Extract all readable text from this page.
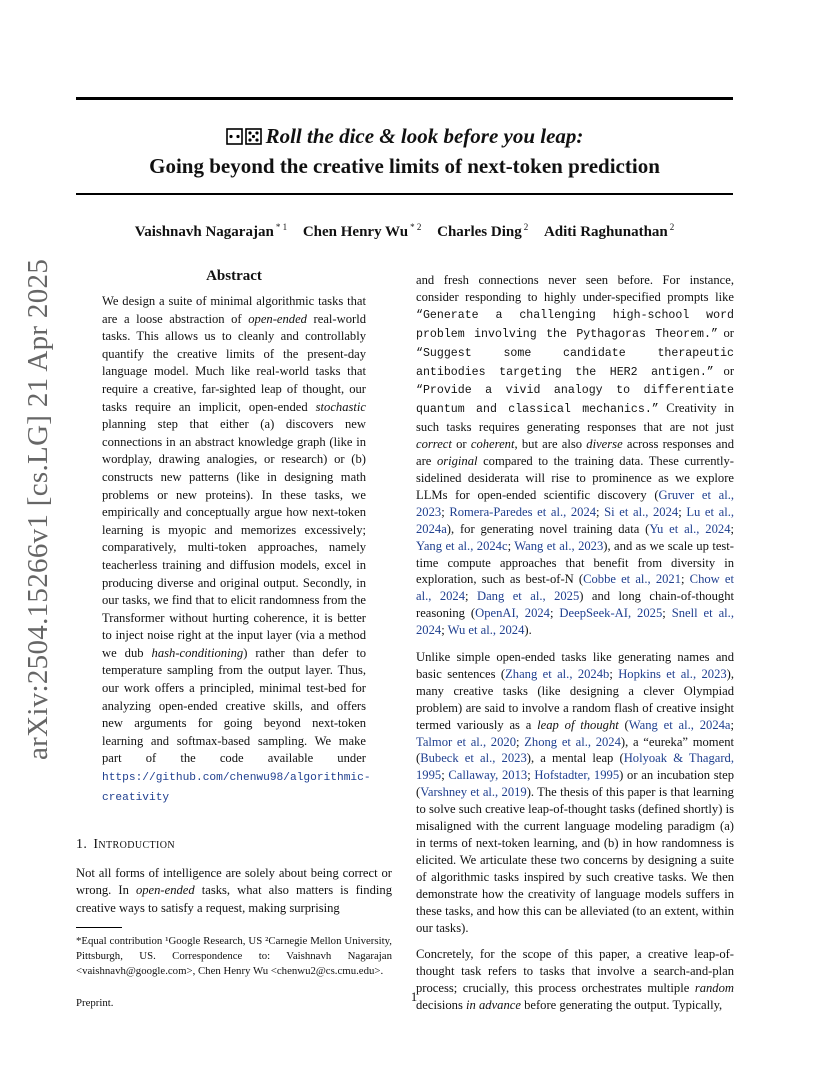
Roll the dice & look before you leap:
Going beyond the creative limits of next-token prediction
Vaishnavh Nagarajan $^{* 1}$ Chen Henry Wu $^{* 2}$ Charles Ding $^2$ Aditi Raghunathan $^2$
arXiv:2504.15266v1 [cs.LG] 21 Apr 2025	Abstract

We design a suite of minimal algorithmic tasks that are a loose abstraction of open-ended real-world tasks. This allows us to cleanly and controllably quantify the creative limits of the present-day language model. Much like real-world tasks that require a creative, far-sighted leap of thought, our tasks require an implicit, open-ended stochastic planning step that either (a) discovers new connections in an abstract knowledge graph (like in wordplay, drawing analogies, or research) or (b) constructs new patterns (like in designing math problems or new proteins). In these tasks, we empirically and conceptually argue how next-token learning is myopic and memorizes excessively; comparatively, multi-token approaches, namely teacherless training and diffusion models, excel in producing diverse and original output. Secondly, in our tasks, we find that to elicit randomness from the Transformer without hurting coherence, it is better to inject noise right at the input layer (via a method we dub hash-conditioning) rather than defer to temperature sampling from the output layer. Thus, our work offers a principled, minimal test-bed for analyzing open-ended creative skills, and offers new arguments for going beyond next-token learning and softmax-based sampling. We make part of the code available under https://github.com/chenwu98/algorithmic-creativity

1. Introduction

Not all forms of intelligence are solely about being correct or wrong. In open-ended tasks, what also matters is finding creative ways to satisfy a request, making surprising

*Equal contribution ¹Google Research, US ²Carnegie Mellon University, Pittsburgh, US. Correspondence to: Vaishnavh Nagarajan <vaishnavh@google.com>, Chen Henry Wu <chenwu2@cs.cmu.edu>.
Preprint.

and fresh connections never seen before. For instance, consider responding to highly under-specified prompts like “Generate a challenging high-school word problem involving the Pythagoras Theorem.” or “Suggest some candidate therapeutic antibodies targeting the HER2 antigen.” or “Provide a vivid analogy to differentiate quantum and classical mechanics.” Creativity in such tasks requires generating responses that are not just correct or coherent, but are also diverse across responses and are original compared to the training data. These currently-sidelined desiderata will rise to prominence as we explore LLMs for open-ended scientific discovery (Gruver et al., 2023; Romera-Paredes et al., 2024; Si et al., 2024; Lu et al., 2024a), for generating novel training data (Yu et al., 2024; Yang et al., 2024c; Wang et al., 2023), and as we scale up test-time compute approaches that benefit from diversity in exploration, such as best-of-N (Cobbe et al., 2021; Chow et al., 2024; Dang et al., 2025) and long chain-of-thought reasoning (OpenAI, 2024; DeepSeek-AI, 2025; Snell et al., 2024; Wu et al., 2024).

Unlike simple open-ended tasks like generating names and basic sentences (Zhang et al., 2024b; Hopkins et al., 2023), many creative tasks (like designing a clever Olympiad problem) are said to involve a random flash of creative insight termed variously as a leap of thought (Wang et al., 2024a; Talmor et al., 2020; Zhong et al., 2024), a “eureka” moment (Bubeck et al., 2023), a mental leap (Holyoak & Thagard, 1995; Callaway, 2013; Hofstadter, 1995) or an incubation step (Varshney et al., 2019). The thesis of this paper is that learning to solve such creative leap-of-thought tasks (defined shortly) is misaligned with the current language modeling paradigm (a) in terms of next-token learning, and (b) in how randomness is elicited. We articulate these two concerns by designing a suite of algorithmic tasks inspired by such creative tasks. We then demonstrate how the creativity of language models suffers in these tasks, and how this can be alleviated (to an extent, within our tasks).

Concretely, for the scope of this paper, a creative leap-of-thought task refers to tasks that involve a search-and-plan process; crucially, this process orchestrates multiple random decisions in advance before generating the output. Typically,

1
